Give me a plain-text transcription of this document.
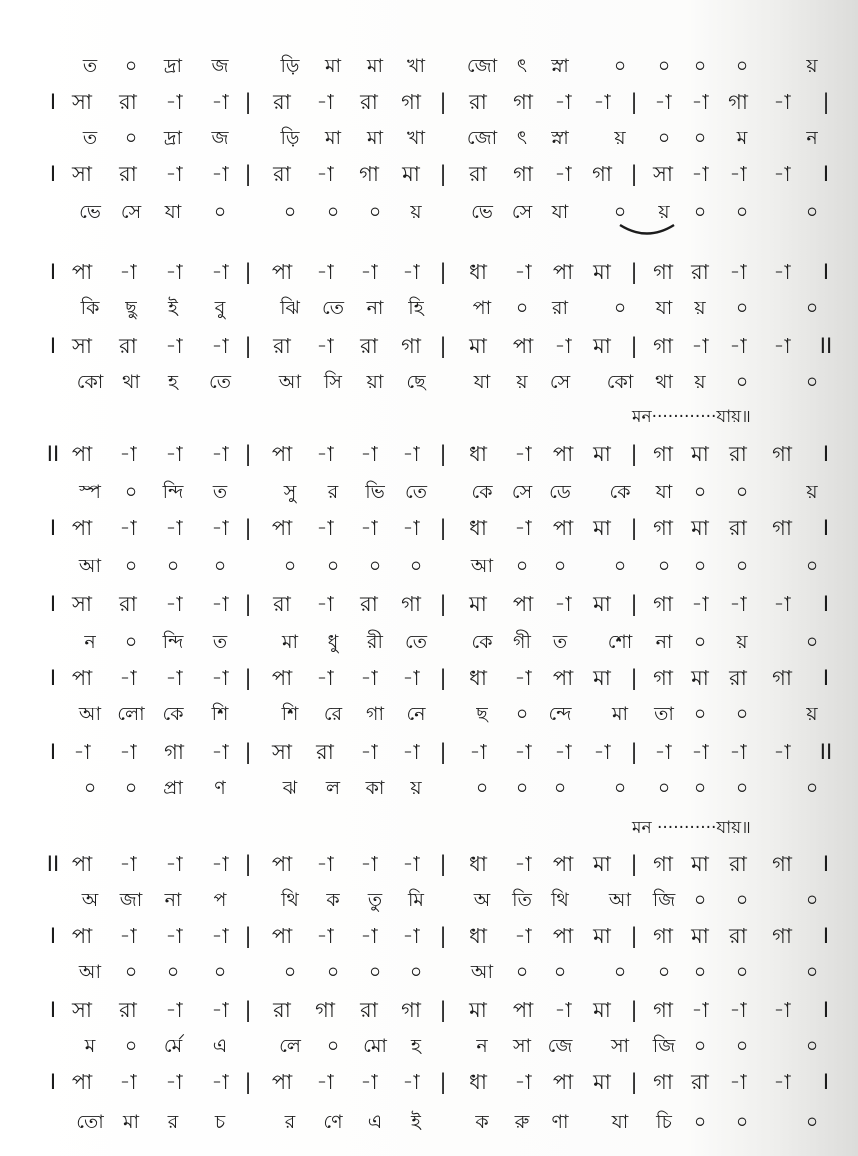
ত ০ দ্রা জ	ড়ি মা মা খা জো ৎ স্না ০ ০ ০ ০	য়
I সা রা -া -া | রা -া রা গা | রা গা -া -া | -া -া গা -া |
ত ০ দ্রা জ	ড়ি মা মা খা জো ৎ স্না য় ০ ০ ম	ন
I সা রা -া -া | রা -া গা মা | রা গা -া গা | সা -া -া -া I
ভে সে যা ০	০ ০ ০ য়	ভে সে যা ০ য় ০ ০	০
I পা -া -া -া | পা -া -া -া | ধা -া পা মা | গা রা -া -া I
কি ছু ই বু	ঝি তে না হি	পা ০ রা ০ যা য় ০	০
I সা রা -া -া | রা -া রা গা | মা পা -া মা | গা -া -া -া II
কো থা হ তে	আ সি য়া ছে	যা য় সে কো থা য় ০	০
মন············যায়॥
II পা -া -া -া | পা -া -া -া | ধা -া পা মা | গা মা রা গা I
স্প ০ ন্দি ত	সু র ভি তে কে সে ডে কে যা ০ ০	য়
I পা -া -া -া | পা -া -া -া | ধা -া পা মা | গা মা রা গা I
আ ০ ০ ০	০ ০ ০ ০	আ ০ ০	০ ০ ০ ০	০
I সা রা -া -া | রা -া রা গা | মা পা -া মা | গা -া -া -া I
ন ০ ন্দি ত	মা ধু রী তে কে গী ত শো না ০ য়	০
I পা -া -া -া | পা -া -া -া | ধা -া পা মা | গা মা রা গা I
আ লো কে শি	শি রে গা নে	ছ ০ ন্দে মা তা ০ ০	য়
I -া -া গা -া | সা রা -া -া | -া -া -া -া | -া -া -া -া II
০ ০ প্রা ণ	ঝ ল কা য়	০ ০ ০	০ ০ ০ ০	০
মন ···········যায়॥
II পা -া -া -া | পা -া -া -া | ধা -া পা মা | গা মা রা গা I
অ জা না প	থি ক তু মি	অ তি থি আ জি ০ ০	০
I পা -া -া -া | পা -া -া -া | ধা -া পা মা | গা মা রা গা I
আ ০ ০ ০	০ ০ ০ ০	আ ০ ০	০ ০ ০ ০	০
I সা রা -া -া | রা গা রা গা | মা পা -া মা | গা -া -া -া I
ম ০ র্মে এ	লে ০ মো হ	ন সা জে সা জি ০ ০	০
I পা -া -া -া | পা -া -া -া | ধা -া পা মা | গা রা -া -া I
তো মা র চ	র ণে এ ই	ক রু ণা যা চি ০ ০	০
